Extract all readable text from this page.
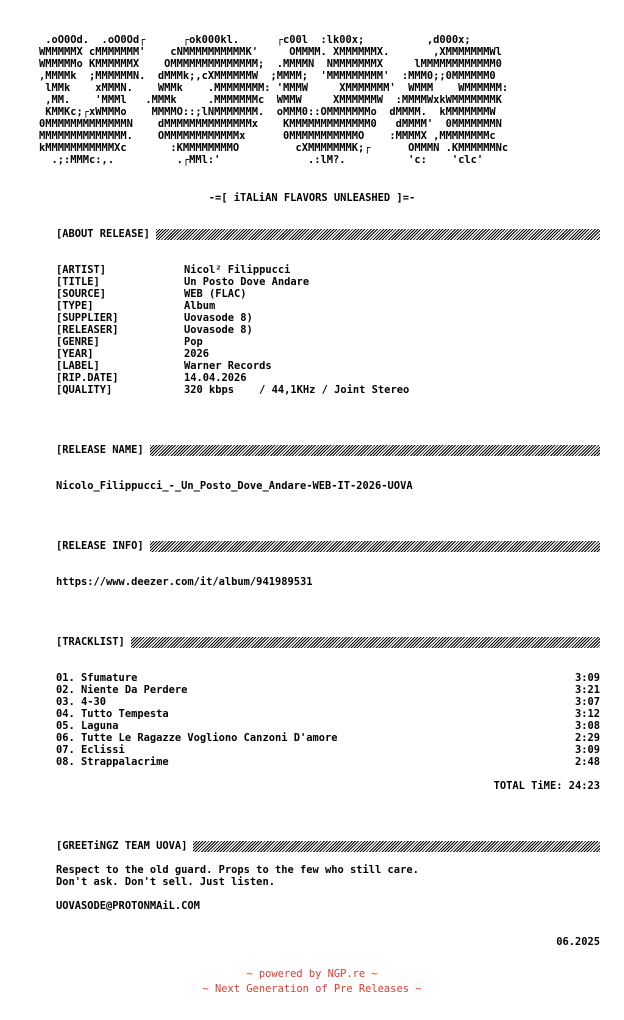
.oO0Od.  .oO0Od┌      ┌ok000kl.      ┌c00l  :lk00x;          ,d000x;
WMMMMMX cMMMMMMM'    cNMMMMMMMMMMK'     OMMMM. XMMMMMMX.       ,XMMMMMMMWl
WMMMMMo KMMMMMMX    OMMMMMMMMMMMMMM;  .MMMMN  NMMMMMMMX     lMMMMMMMMMMMM0
,MMMMk  ;MMMMMMN.  dMMMk;,cXMMMMMMW  ;MMMM;  'MMMMMMMMM'  :MMM0;;0MMMMMM0
lMMk    xMMMN.    WMMk    .MMMMMMMM: 'MMMW     XMMMMMMM'  WMMM    WMMMMMM:
,MM.    'MMMl   .MMMk     .MMMMMMMc  WMMW     XMMMMMMW  :MMMMWxkWMMMMMMMK
KMMKc;┌xWMMMo    MMMMO::;lNMMMMMMM.  oMMM0::OMMMMMMMo  dMMMM.  kMMMMMMMW
0MMMMMMMMMMMMMN    dMMMMMMMMMMMMMMx    KMMMMMMMMMMMMM0   dMMMM'  0MMMMMMMN
MMMMMMMMMMMMMM.    OMMMMMMMMMMMMx      0MMMMMMMMMMMO    :MMMMX ,MMMMMMMMc
kMMMMMMMMMMMXc       :KMMMMMMMMO         cXMMMMMMMK;┌      OMMMN .KMMMMMMNc
.;:MMMc:,.          .┌MMl:'              .:lM?.          'c:    'clc'
-=[ iTALiAN FLAVORS UNLEASHED ]=-
[ABOUT RELEASE]
[ARTIST]	Nicol² Filippucci
[TITLE]	Un Posto Dove Andare
[SOURCE]	WEB (FLAC)
[TYPE]	Album
[SUPPLIER]	Uovasode 8)
[RELEASER]	Uovasode 8)
[GENRE]	Pop
[YEAR]	2026
[LABEL]	Warner Records
[RIP.DATE]	14.04.2026
[QUALITY]	320 kbps    / 44,1KHz / Joint Stereo
[RELEASE NAME]
Nicolo_Filippucci_-_Un_Posto_Dove_Andare-WEB-IT-2026-UOVA
[RELEASE INFO]
https://www.deezer.com/it/album/941989531
[TRACKLIST]
01. Sfumature	3:09
02. Niente Da Perdere	3:21
03. 4-30	3:07
04. Tutto Tempesta	3:12
05. Laguna	3:08
06. Tutte Le Ragazze Vogliono Canzoni D'amore	2:29
07. Eclissi	3:09
08. Strappalacrime	2:48
TOTAL TiME: 24:23
[GREETiNGZ TEAM UOVA]
Respect to the old guard. Props to the few who still care.
Don't ask. Don't sell. Just listen.
UOVASODE@PROTONMAiL.COM
06.2025
~ powered by NGP.re ~
~ Next Generation of Pre Releases ~
